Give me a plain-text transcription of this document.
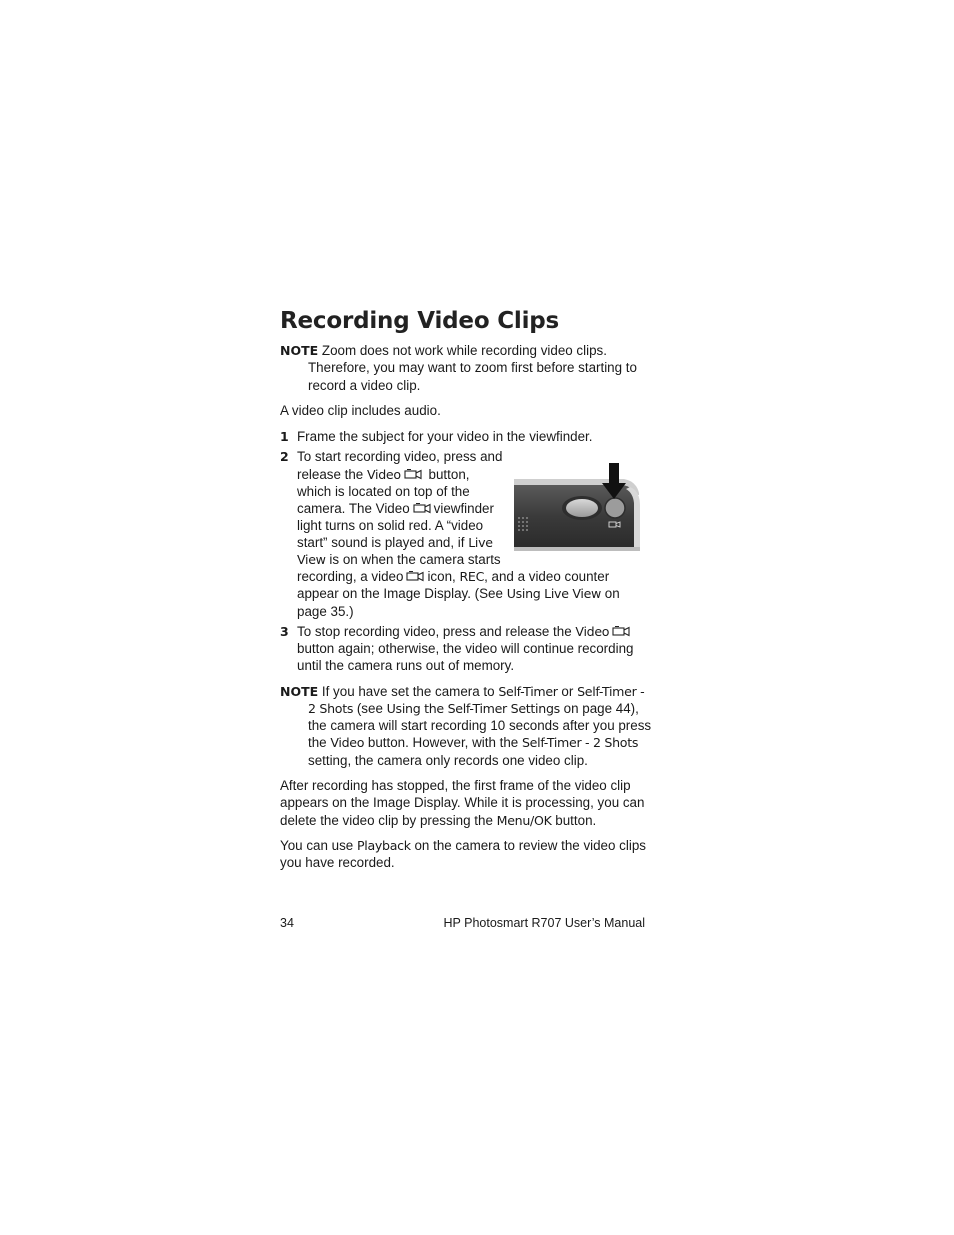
Recording Video Clips
NOTE Zoom does not work while recording video clips.
Therefore, you may want to zoom first before starting to
record a video clip.
A video clip includes audio.
1 Frame the subject for your video in the viewfinder.
2 To start recording video, press and
release the Video button,
which is located on top of the
camera. The Video viewfinder
light turns on solid red. A “video
start” sound is played and, if Live
View is on when the camera starts
recording, a video icon, REC, and a video counter
appear on the Image Display. (See Using Live View on
page 35.)
3 To stop recording video, press and release the Video
button again; otherwise, the video will continue recording
until the camera runs out of memory.
NOTE If you have set the camera to Self-Timer or Self-Timer -
2 Shots (see Using the Self-Timer Settings on page 44),
the camera will start recording 10 seconds after you press
the Video button. However, with the Self-Timer - 2 Shots
setting, the camera only records one video clip.
After recording has stopped, the first frame of the video clip
appears on the Image Display. While it is processing, you can
delete the video clip by pressing the Menu/OK button.
You can use Playback on the camera to review the video clips
you have recorded.
34	HP Photosmart R707 User’s Manual
